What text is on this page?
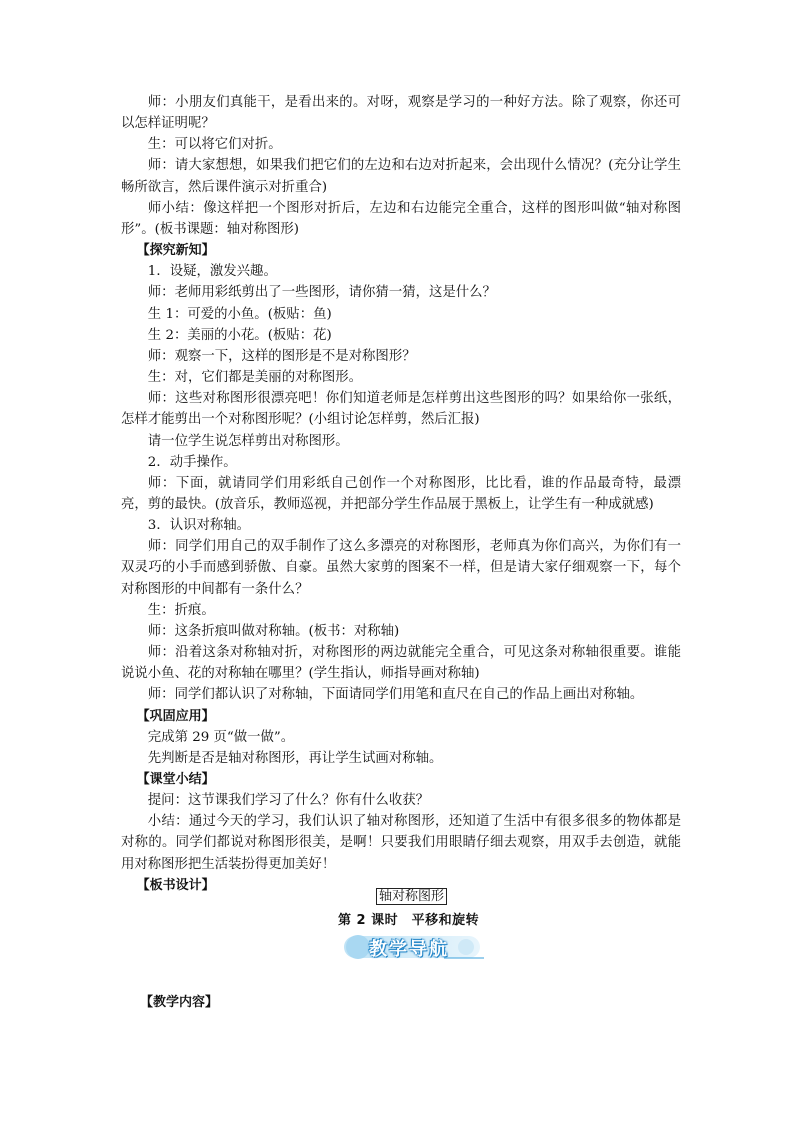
师：小朋友们真能干，是看出来的。对呀，观察是学习的一种好方法。除了观察，你还可以怎样证明呢？

生：可以将它们对折。

师：请大家想想，如果我们把它们的左边和右边对折起来，会出现什么情况？(充分让学生畅所欲言，然后课件演示对折重合)

师小结：像这样把一个图形对折后，左边和右边能完全重合，这样的图形叫做“轴对称图形”。(板书课题：轴对称图形)

【探究新知】

1．设疑，激发兴趣。

师：老师用彩纸剪出了一些图形，请你猜一猜，这是什么？

生 1：可爱的小鱼。(板贴：鱼)

生 2：美丽的小花。(板贴：花)

师：观察一下，这样的图形是不是对称图形？

生：对，它们都是美丽的对称图形。

师：这些对称图形很漂亮吧！你们知道老师是怎样剪出这些图形的吗？如果给你一张纸，怎样才能剪出一个对称图形呢？(小组讨论怎样剪，然后汇报)

请一位学生说怎样剪出对称图形。

2．动手操作。

师：下面，就请同学们用彩纸自己创作一个对称图形，比比看，谁的作品最奇特，最漂亮，剪的最快。(放音乐，教师巡视，并把部分学生作品展于黑板上，让学生有一种成就感)

3．认识对称轴。

师：同学们用自己的双手制作了这么多漂亮的对称图形，老师真为你们高兴，为你们有一双灵巧的小手而感到骄傲、自豪。虽然大家剪的图案不一样，但是请大家仔细观察一下，每个对称图形的中间都有一条什么？

生：折痕。

师：这条折痕叫做对称轴。(板书：对称轴)

师：沿着这条对称轴对折，对称图形的两边就能完全重合，可见这条对称轴很重要。谁能说说小鱼、花的对称轴在哪里？(学生指认，师指导画对称轴)

师：同学们都认识了对称轴，下面请同学们用笔和直尺在自己的作品上画出对称轴。

【巩固应用】

完成第 29 页“做一做”。

先判断是否是轴对称图形，再让学生试画对称轴。

【课堂小结】

提问：这节课我们学习了什么？你有什么收获？

小结：通过今天的学习，我们认识了轴对称图形，还知道了生活中有很多很多的物体都是对称的。同学们都说对称图形很美，是啊！只要我们用眼睛仔细去观察，用双手去创造，就能用对称图形把生活装扮得更加美好！

【板书设计】

轴对称图形
第 2 课时　平移和旋转
教学导航
【教学内容】
